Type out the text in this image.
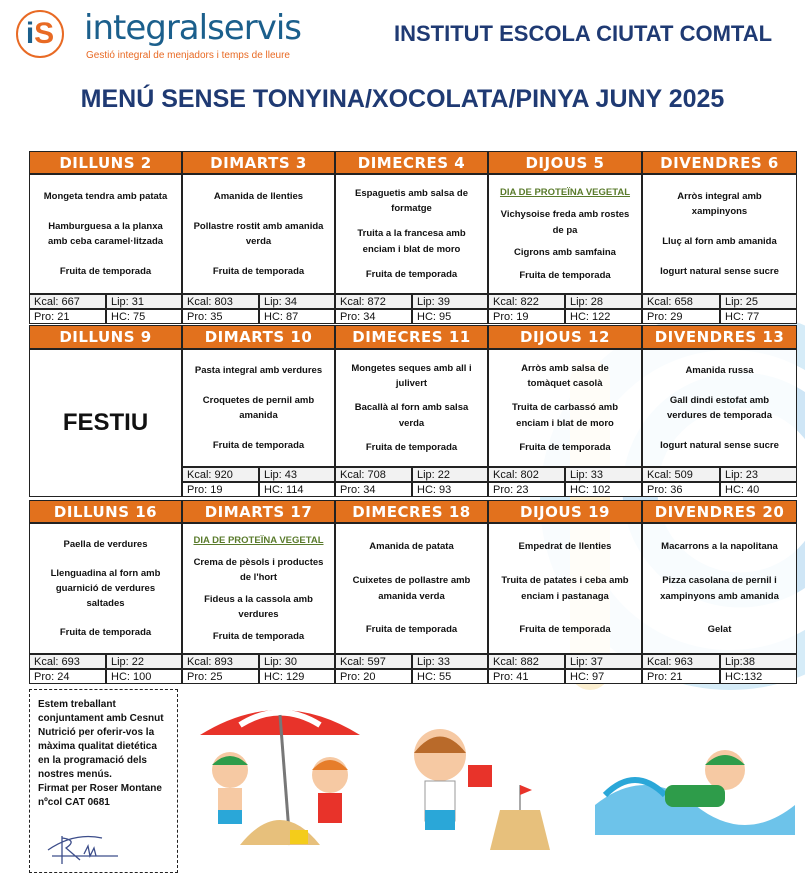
iS integralservis
Gestió integral de menjadors i temps de lleure
INSTITUT ESCOLA CIUTAT COMTAL
MENÚ SENSE TONYINA/XOCOLATA/PINYA JUNY 2025
DILLUNS 2
Mongeta tendra amb patata
Hamburguesa a la planxa amb ceba caramel·litzada
Fruita de temporada
Kcal: 667	Lip: 31
Pro: 21	HC: 75
DIMARTS 3
Amanida de llenties
Pollastre rostit amb amanida verda
Fruita de temporada
Kcal: 803	Lip: 34
Pro: 35	HC: 87
DIMECRES 4
Espaguetis amb salsa de formatge
Truita a la francesa amb enciam i blat de moro
Fruita de temporada
Kcal: 872	Lip: 39
Pro: 34	HC: 95
DIJOUS 5
DIA DE PROTEÏNA VEGETAL
Vichysoise freda amb rostes de pa
Cigrons amb samfaina
Fruita de temporada
Kcal: 822	Lip: 28
Pro: 19	HC: 122
DIVENDRES 6
Arròs integral amb xampinyons
Lluç al forn amb amanida
Iogurt natural sense sucre
Kcal: 658	Lip: 25
Pro: 29	HC: 77
DILLUNS 9
FESTIU
DIMARTS 10
Pasta integral amb verdures
Croquetes de pernil amb amanida
Fruita de temporada
Kcal: 920	Lip: 43
Pro: 19	HC: 114
DIMECRES 11
Mongetes seques amb all i julivert
Bacallà al forn amb salsa verda
Fruita de temporada
Kcal: 708	Lip: 22
Pro: 34	HC: 93
DIJOUS 12
Arròs amb salsa de tomàquet casolà
Truita de carbassó amb enciam i blat de moro
Fruita de temporada
Kcal: 802	Lip: 33
Pro: 23	HC: 102
DIVENDRES 13
Amanida russa
Gall dindi estofat amb verdures de temporada
Iogurt natural sense sucre
Kcal: 509	Lip: 23
Pro: 36	HC: 40
DILLUNS 16
Paella de verdures
Llenguadina al forn amb guarnició de verdures saltades
Fruita de temporada
Kcal: 693	Lip: 22
Pro: 24	HC: 100
DIMARTS 17
DIA DE PROTEÏNA VEGETAL
Crema de pèsols i productes de l'hort
Fideus a la cassola amb verdures
Fruita de temporada
Kcal: 893	Lip: 30
Pro: 25	HC: 129
DIMECRES 18
Amanida de patata
Cuixetes de pollastre amb amanida verda
Fruita de temporada
Kcal: 597	Lip: 33
Pro: 20	HC: 55
DIJOUS 19
Empedrat de llenties
Truita de patates i ceba amb enciam i pastanaga
Fruita de temporada
Kcal: 882	Lip: 37
Pro: 41	HC: 97
DIVENDRES 20
Macarrons a la napolitana
Pizza casolana de pernil i xampinyons amb amanida
Gelat
Kcal: 963	Lip:38
Pro: 21	HC:132
Estem treballant conjuntament amb Cesnut Nutrició per oferir-vos la màxima qualitat dietética en la programació dels nostres menús.
Firmat per Roser Montane nºcol CAT 0681
